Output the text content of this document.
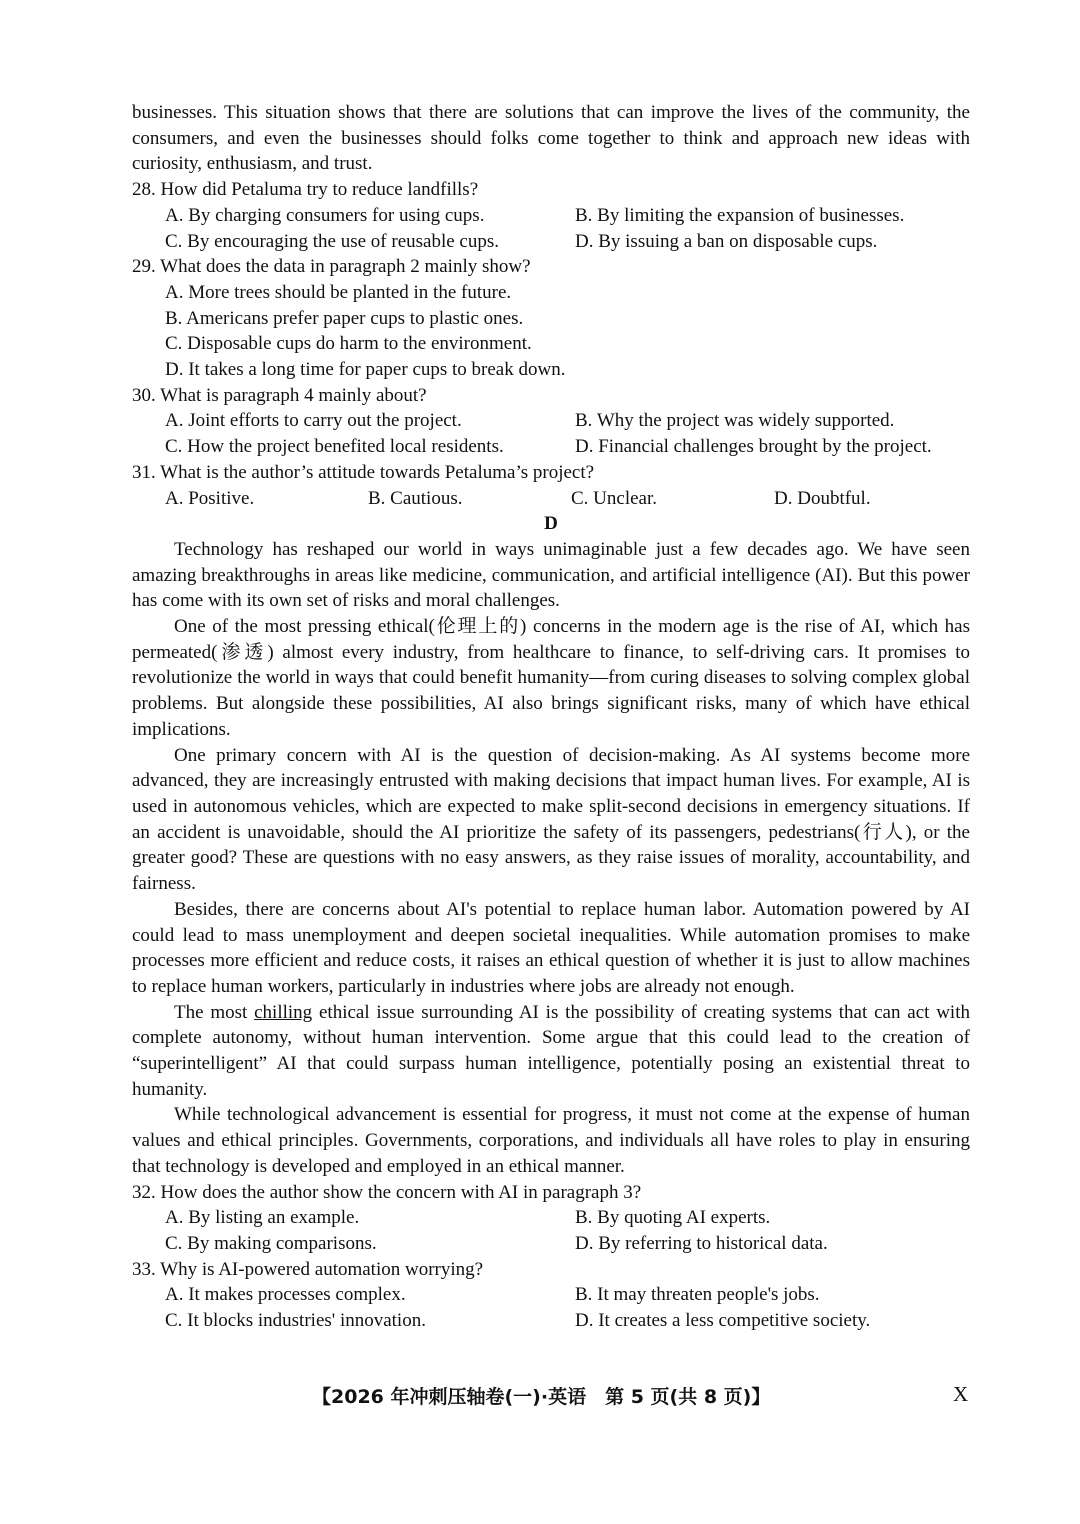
businesses. This situation shows that there are solutions that can improve the lives of the community, the consumers, and even the businesses should folks come together to think and approach new ideas with curiosity, enthusiasm, and trust.

28. How did Petaluma try to reduce landfills?

A. By charging consumers for using cups.	B. By limiting the expansion of businesses.
C. By encouraging the use of reusable cups.	D. By issuing a ban on disposable cups.

29. What does the data in paragraph 2 mainly show?

A. More trees should be planted in the future.
B. Americans prefer paper cups to plastic ones.
C. Disposable cups do harm to the environment.
D. It takes a long time for paper cups to break down.

30. What is paragraph 4 mainly about?

A. Joint efforts to carry out the project.	B. Why the project was widely supported.
C. How the project benefited local residents.	D. Financial challenges brought by the project.

31. What is the author’s attitude towards Petaluma’s project?

A. Positive.	B. Cautious.	C. Unclear.	D. Doubtful.

D

Technology has reshaped our world in ways unimaginable just a few decades ago. We have seen amazing breakthroughs in areas like medicine, communication, and artificial intelligence (AI). But this power has come with its own set of risks and moral challenges.

One of the most pressing ethical(伦理上的) concerns in the modern age is the rise of AI, which has permeated(渗透) almost every industry, from healthcare to finance, to self-driving cars. It promises to revolutionize the world in ways that could benefit humanity—from curing diseases to solving complex global problems. But alongside these possibilities, AI also brings significant risks, many of which have ethical implications.

One primary concern with AI is the question of decision-making. As AI systems become more advanced, they are increasingly entrusted with making decisions that impact human lives. For example, AI is used in autonomous vehicles, which are expected to make split-second decisions in emergency situations. If an accident is unavoidable, should the AI prioritize the safety of its passengers, pedestrians(行人), or the greater good? These are questions with no easy answers, as they raise issues of morality, accountability, and fairness.

Besides, there are concerns about AI's potential to replace human labor. Automation powered by AI could lead to mass unemployment and deepen societal inequalities. While automation promises to make processes more efficient and reduce costs, it raises an ethical question of whether it is just to allow machines to replace human workers, particularly in industries where jobs are already not enough.

The most chilling ethical issue surrounding AI is the possibility of creating systems that can act with complete autonomy, without human intervention. Some argue that this could lead to the creation of “superintelligent” AI that could surpass human intelligence, potentially posing an existential threat to humanity.

While technological advancement is essential for progress, it must not come at the expense of human values and ethical principles. Governments, corporations, and individuals all have roles to play in ensuring that technology is developed and employed in an ethical manner.

32. How does the author show the concern with AI in paragraph 3?

A. By listing an example.	B. By quoting AI experts.
C. By making comparisons.	D. By referring to historical data.

33. Why is AI-powered automation worrying?

A. It makes processes complex.	B. It may threaten people's jobs.
C. It blocks industries' innovation.	D. It creates a less competitive society.
【2026 年冲刺压轴卷(一)·英语　第 5 页(共 8 页)】	X
